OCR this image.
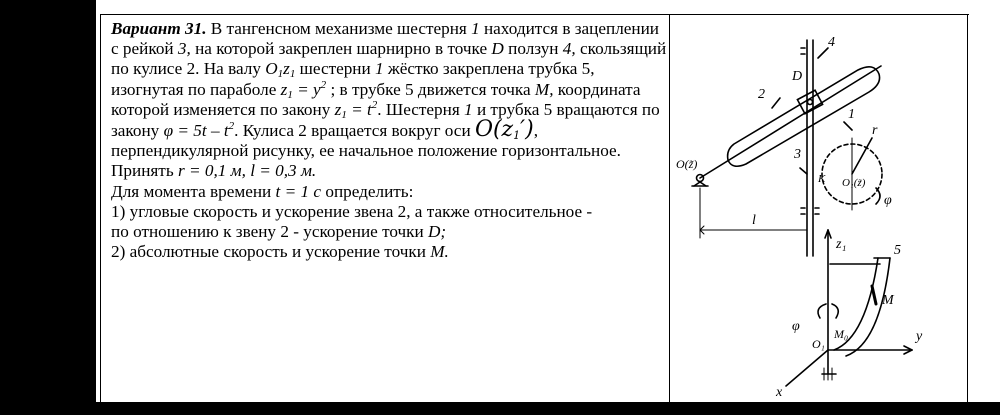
Вариант 31. В тангенсном механизме шестерня 1 находится в зацеплении с рейкой 3, на которой закреплен шарнирно в точке D ползун 4, скользящий по кулисе 2. На валу $O_1z_1$ шестерни 1 жёстко закреплена трубка 5, изогнутая по параболе $z_1 = y^2$ ; в трубке 5 движется точка M, координата которой изменяется по закону $z_1 = t^2$. Шестерня 1 и трубка 5 вращаются по закону $\varphi = 5t - t^2$. Кулиса 2 вращается вокруг оси $O(z_1')$, перпендикулярной рисунку, ее начальное положение горизонтальное. Принять r = 0,1 м, l = 0,3 м.

Для момента времени t = 1 с определить:

1) угловые скорость и ускорение звена 2, а также относительное -
по отношению к звену 2 - ускорение точки D;

2) абсолютные скорость и ускорение точки M.

2
4
D
1
r
O(z̃)
3
K O₁(z̃)
φ
l
z₁	5
M
φ	M₀
O₁	y
x
